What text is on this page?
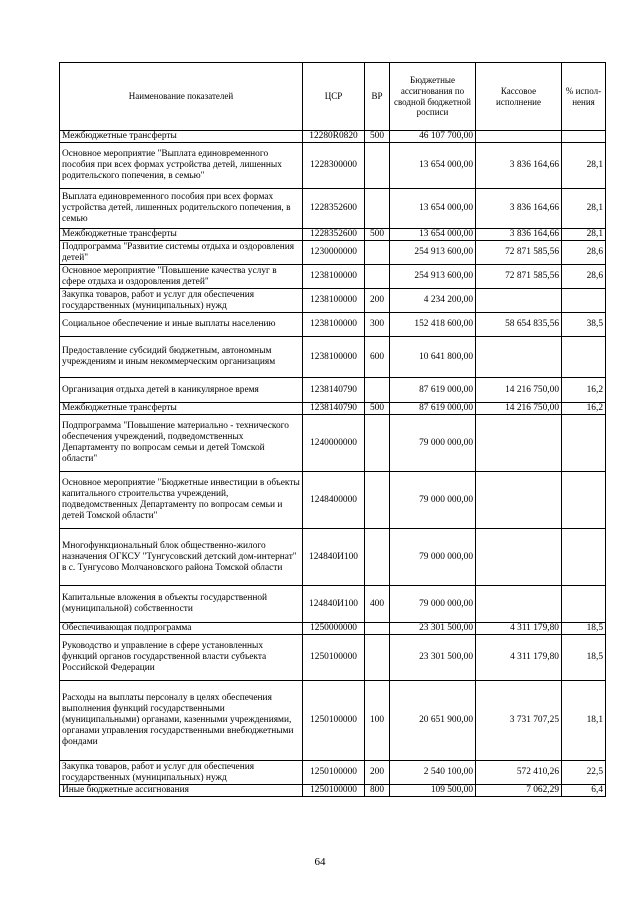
Наименование показателей	ЦСР	ВР	Бюджетные ассигнования по сводной бюджетной росписи	Кассовое исполнение	% испол-нения
Межбюджетные трансферты	12280R0820	500	46 107 700,00		
Основное мероприятие "Выплата единовременного пособия при всех формах устройства детей, лишенных родительского попечения, в семью"	1228300000		13 654 000,00	3 836 164,66	28,1
Выплата единовременного пособия при всех формах устройства детей, лишенных родительского попечения, в семью	1228352600		13 654 000,00	3 836 164,66	28,1
Межбюджетные трансферты	1228352600	500	13 654 000,00	3 836 164,66	28,1
Подпрограмма "Развитие системы отдыха и оздоровления детей"	1230000000		254 913 600,00	72 871 585,56	28,6
Основное мероприятие "Повышение качества услуг в сфере отдыха и оздоровления детей"	1238100000		254 913 600,00	72 871 585,56	28,6
Закупка товаров, работ и услуг для обеспечения государственных (муниципальных) нужд	1238100000	200	4 234 200,00		
Социальное обеспечение и иные выплаты населению	1238100000	300	152 418 600,00	58 654 835,56	38,5
Предоставление субсидий бюджетным, автономным учреждениям и иным некоммерческим организациям	1238100000	600	10 641 800,00		
Организация отдыха детей в каникулярное время	1238140790		87 619 000,00	14 216 750,00	16,2
Межбюджетные трансферты	1238140790	500	87 619 000,00	14 216 750,00	16,2
Подпрограмма "Повышение материально - технического обеспечения учреждений, подведомственных Департаменту по вопросам семьи и детей Томской области"	1240000000		79 000 000,00		
Основное мероприятие "Бюджетные инвестиции в объекты капитального строительства учреждений, подведомственных Департаменту по вопросам семьи и детей Томской области"	1248400000		79 000 000,00		
Многофункциональный блок общественно-жилого назначения ОГКСУ "Тунгусовский детский дом-интернат" в с. Тунгусово Молчановского района Томской области	124840И100		79 000 000,00		
Капитальные вложения в объекты государственной (муниципальной) собственности	124840И100	400	79 000 000,00		
Обеспечивающая подпрограмма	1250000000		23 301 500,00	4 311 179,80	18,5
Руководство и управление в сфере установленных функций органов государственной власти субъекта Российской Федерации	1250100000		23 301 500,00	4 311 179,80	18,5
Расходы на выплаты персоналу в целях обеспечения выполнения функций государственными (муниципальными) органами, казенными учреждениями, органами управления государственными внебюджетными фондами	1250100000	100	20 651 900,00	3 731 707,25	18,1
Закупка товаров, работ и услуг для обеспечения государственных (муниципальных) нужд	1250100000	200	2 540 100,00	572 410,26	22,5
Иные бюджетные ассигнования	1250100000	800	109 500,00	7 062,29	6,4
64
